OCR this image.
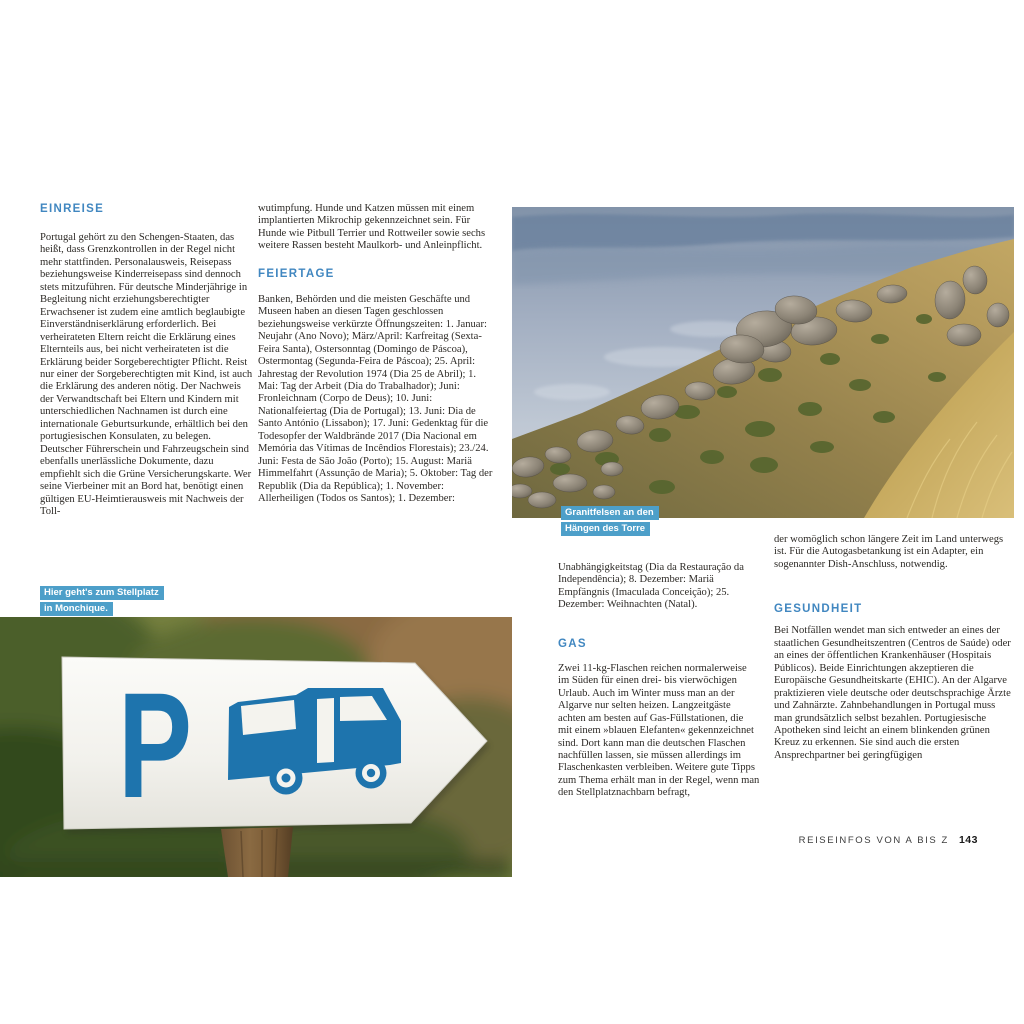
EINREISE

Portugal gehört zu den Schengen-Staaten, das heißt, dass Grenzkontrollen in der Regel nicht mehr stattfinden. Personalausweis, Reisepass beziehungsweise Kinderreisepass sind dennoch stets mitzuführen. Für deutsche Minderjährige in Begleitung nicht erziehungsberechtigter Erwachsener ist zudem eine amtlich beglaubigte Einverständniserklärung erforderlich. Bei verheirateten Eltern reicht die Erklärung eines Elternteils aus, bei nicht verheirateten ist die Erklärung beider Sorgeberechtigter Pflicht. Reist nur einer der Sorgeberechtigten mit Kind, ist auch die Erklärung des anderen nötig. Der Nachweis der Verwandtschaft bei Eltern und Kindern mit unterschiedlichen Nachnamen ist durch eine internationale Geburtsurkunde, erhältlich bei den portugiesischen Konsulaten, zu belegen. Deutscher Führerschein und Fahrzeugschein sind ebenfalls unerlässliche Dokumente, dazu empfiehlt sich die Grüne Versicherungskarte. Wer seine Vierbeiner mit an Bord hat, benötigt einen gültigen EU-Heimtierausweis mit Nachweis der Toll-

wutimpfung. Hunde und Katzen müssen mit einem implantierten Mikrochip gekennzeichnet sein. Für Hunde wie Pitbull Terrier und Rottweiler sowie sechs weitere Rassen besteht Maulkorb- und Anleinpflicht.

FEIERTAGE

Banken, Behörden und die meisten Geschäfte und Museen haben an diesen Tagen geschlossen beziehungsweise verkürzte Öffnungszeiten: 1. Januar: Neujahr (Ano Novo); März/April: Karfreitag (Sexta-Feira Santa), Ostersonntag (Domingo de Páscoa), Ostermontag (Segunda-Feira de Páscoa); 25. April: Jahrestag der Revolution 1974 (Dia 25 de Abril); 1. Mai: Tag der Arbeit (Dia do Trabalhador); Juni: Fronleichnam (Corpo de Deus); 10. Juni: Nationalfeiertag (Dia de Portugal); 13. Juni: Dia de Santo António (Lissabon); 17. Juni: Gedenktag für die Todesopfer der Waldbrände 2017 (Dia Nacional em Memória das Vítimas de Incêndios Florestais); 23./24. Juni: Festa de São João (Porto); 15. August: Mariä Himmelfahrt (Assunção de Maria); 5. Oktober: Tag der Republik (Dia da República); 1. November: Allerheiligen (Todos os Santos); 1. Dezember:

Unabhängigkeitstag (Dia da Restauração da Independência); 8. Dezember: Mariä Empfängnis (Imaculada Conceição); 25. Dezember: Weihnachten (Natal).

GAS

Zwei 11-kg-Flaschen reichen normalerweise im Süden für einen drei- bis vierwöchigen Urlaub. Auch im Winter muss man an der Algarve nur selten heizen. Langzeitgäste achten am besten auf Gas-Füllstationen, die mit einem »blauen Elefanten« gekennzeichnet sind. Dort kann man die deutschen Flaschen nachfüllen lassen, sie müssen allerdings im Flaschenkasten verbleiben. Weitere gute Tipps zum Thema erhält man in der Regel, wenn man den Stellplatznachbarn befragt,

der womöglich schon längere Zeit im Land unterwegs ist. Für die Autogasbetankung ist ein Adapter, ein sogenannter Dish-Anschluss, notwendig.

GESUNDHEIT

Bei Notfällen wendet man sich entweder an eines der staatlichen Gesundheitszentren (Centros de Saúde) oder an eines der öffentlichen Krankenhäuser (Hospitais Públicos). Beide Einrichtungen akzeptieren die Europäische Gesundheitskarte (EHIC). An der Algarve praktizieren viele deutsche oder deutschsprachige Ärzte und Zahnärzte. Zahnbehandlungen in Portugal muss man grundsätzlich selbst bezahlen. Portugiesische Apotheken sind leicht an einem blinkenden grünen Kreuz zu erkennen. Sie sind auch die ersten Ansprechpartner bei geringfügigen

Granitfelsen an den
Hängen des Torre
P
Hier geht's zum Stellplatz
in Monchique.
REISEINFOS VON A BIS Z 143
